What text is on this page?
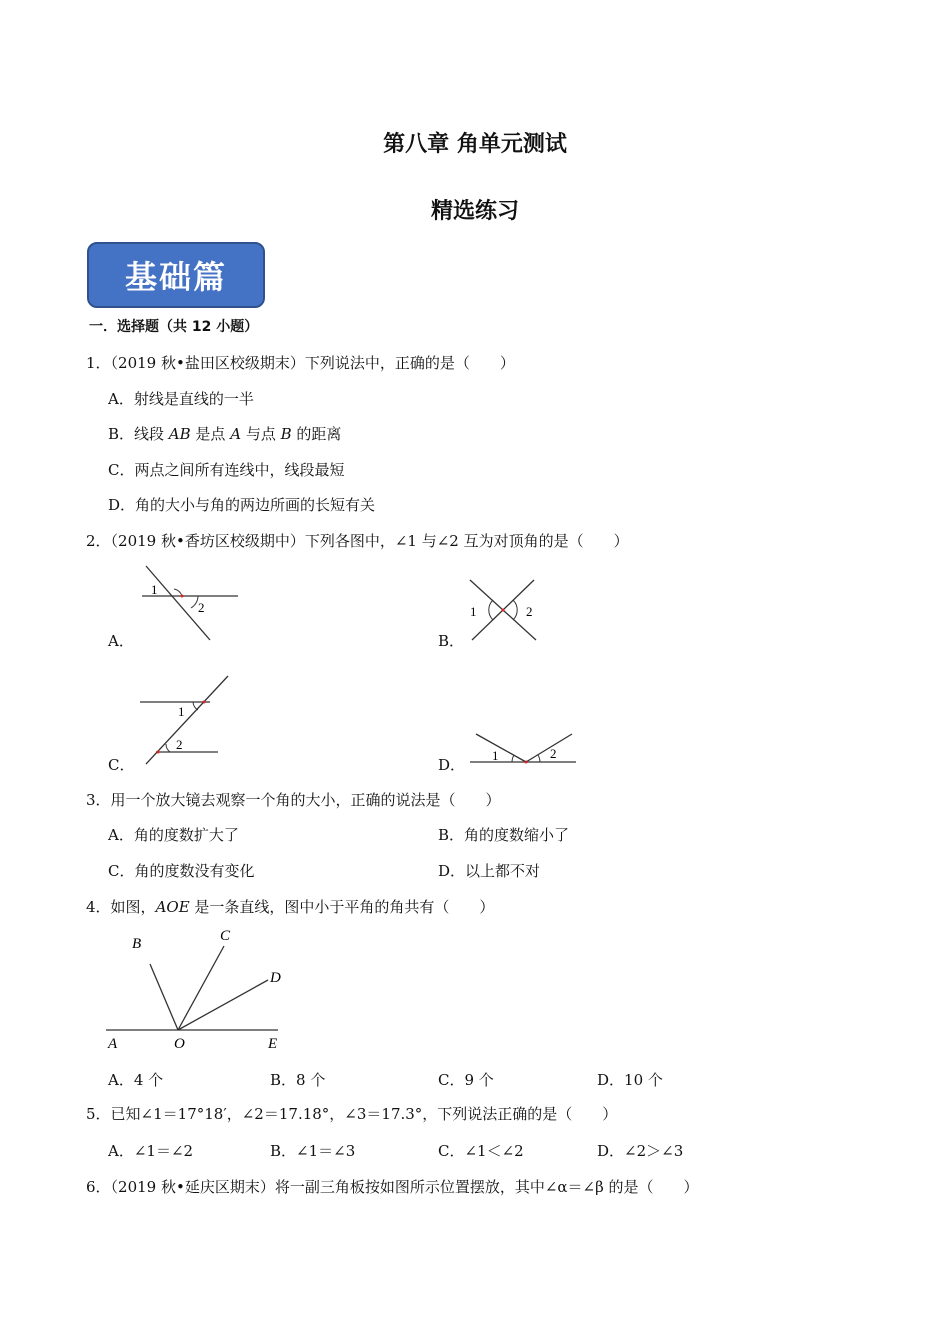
第八章 角单元测试
精选练习
基础篇
一．选择题（共 12 小题）
1．（2019 秋•盐田区校级期末）下列说法中，正确的是（　　）
A．射线是直线的一半
B．线段 AB 是点 A 与点 B 的距离
C．两点之间所有连线中，线段最短
D．角的大小与角的两边所画的长短有关
2．（2019 秋•香坊区校级期中）下列各图中，∠1 与∠2 互为对顶角的是（　　）
1
2
A．
1	2
B．
1
2
C．
1	2
D．
3．用一个放大镜去观察一个角的大小，正确的说法是（　　）
A．角的度数扩大了	B．角的度数缩小了
C．角的度数没有变化	D．以上都不对
4．如图，AOE 是一条直线，图中小于平角的角共有（　　）
A
B	C
D
O	E
A．4 个	B．8 个	C．9 个	D．10 个
5．已知∠1＝17°18′，∠2＝17.18°，∠3＝17.3°，下列说法正确的是（　　）
A．∠1＝∠2	B．∠1＝∠3	C．∠1＜∠2	D．∠2＞∠3
6．（2019 秋•延庆区期末）将一副三角板按如图所示位置摆放，其中∠α＝∠β 的是（　　）
